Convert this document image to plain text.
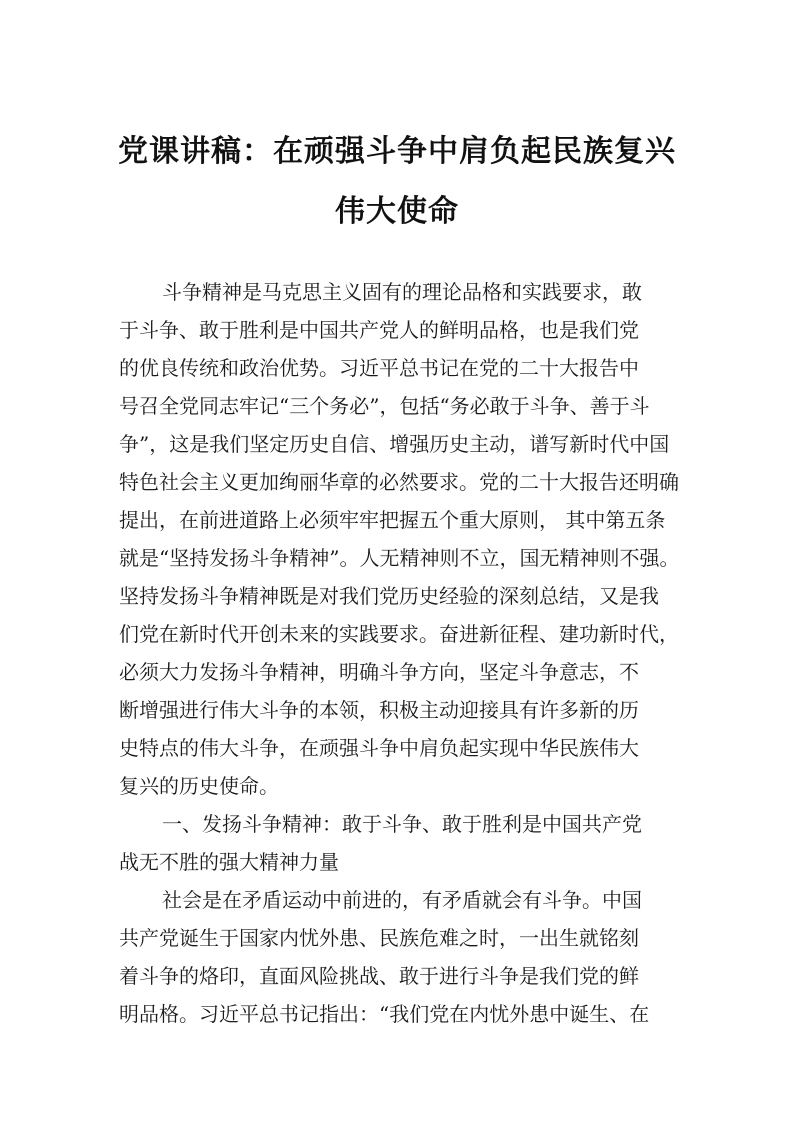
党课讲稿：在顽强斗争中肩负起民族复兴
伟大使命
斗争精神是马克思主义固有的理论品格和实践要求，敢
于斗争、敢于胜利是中国共产党人的鲜明品格，也是我们党
的优良传统和政治优势。习近平总书记在党的二十大报告中
号召全党同志牢记“三个务必”，包括“务必敢于斗争、善于斗
争”，这是我们坚定历史自信、增强历史主动，谱写新时代中国
特色社会主义更加绚丽华章的必然要求。党的二十大报告还明确
提出，在前进道路上必须牢牢把握五个重大原则， 其中第五条
就是“坚持发扬斗争精神”。人无精神则不立，国无精神则不强。
坚持发扬斗争精神既是对我们党历史经验的深刻总结，又是我
们党在新时代开创未来的实践要求。奋进新征程、建功新时代，
必须大力发扬斗争精神，明确斗争方向，坚定斗争意志，不
断增强进行伟大斗争的本领，积极主动迎接具有许多新的历
史特点的伟大斗争，在顽强斗争中肩负起实现中华民族伟大
复兴的历史使命。
一、发扬斗争精神：敢于斗争、敢于胜利是中国共产党
战无不胜的强大精神力量
社会是在矛盾运动中前进的，有矛盾就会有斗争。中国
共产党诞生于国家内忧外患、民族危难之时，一出生就铭刻
着斗争的烙印，直面风险挑战、敢于进行斗争是我们党的鲜
明品格。习近平总书记指出：“我们党在内忧外患中诞生、在
